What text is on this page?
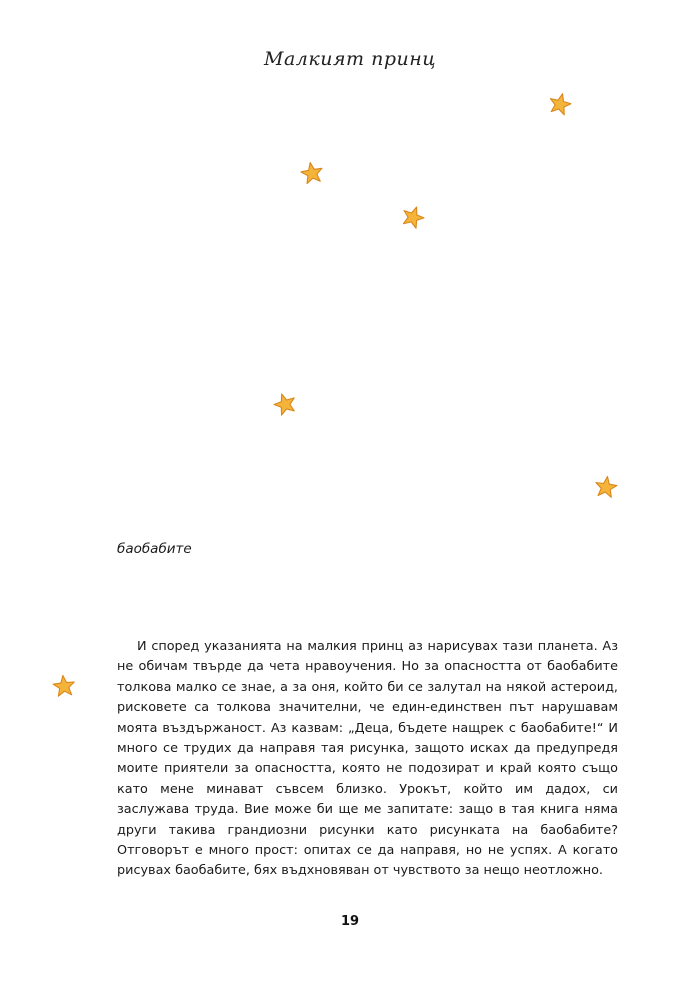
Малкият принц
баобабите

И според указанията на малкия принц аз нарисувах тази планета. Аз не обичам твърде да чета нравоучения. Но за опасността от баобабите толкова малко се знае, а за оня, който би се залутал на някой астероид, рисковете са толкова значителни, че един-единствен път нарушавам моята въздържаност. Аз казвам: „Деца, бъдете нащрек с баобабите!“ И много се трудих да направя тая рисунка, защото исках да предупредя моите приятели за опасността, която не подозират и край която също като мене минават съвсем близко. Урокът, който им дадох, си заслужава труда. Вие може би ще ме запитате: защо в тая книга няма други такива грандиозни рисунки като рисунката на баобабите? Отговорът е много прост: опитах се да направя, но не успях. А когато рисувах баобабите, бях въдхновяван от чувството за нещо неотложно.

19
